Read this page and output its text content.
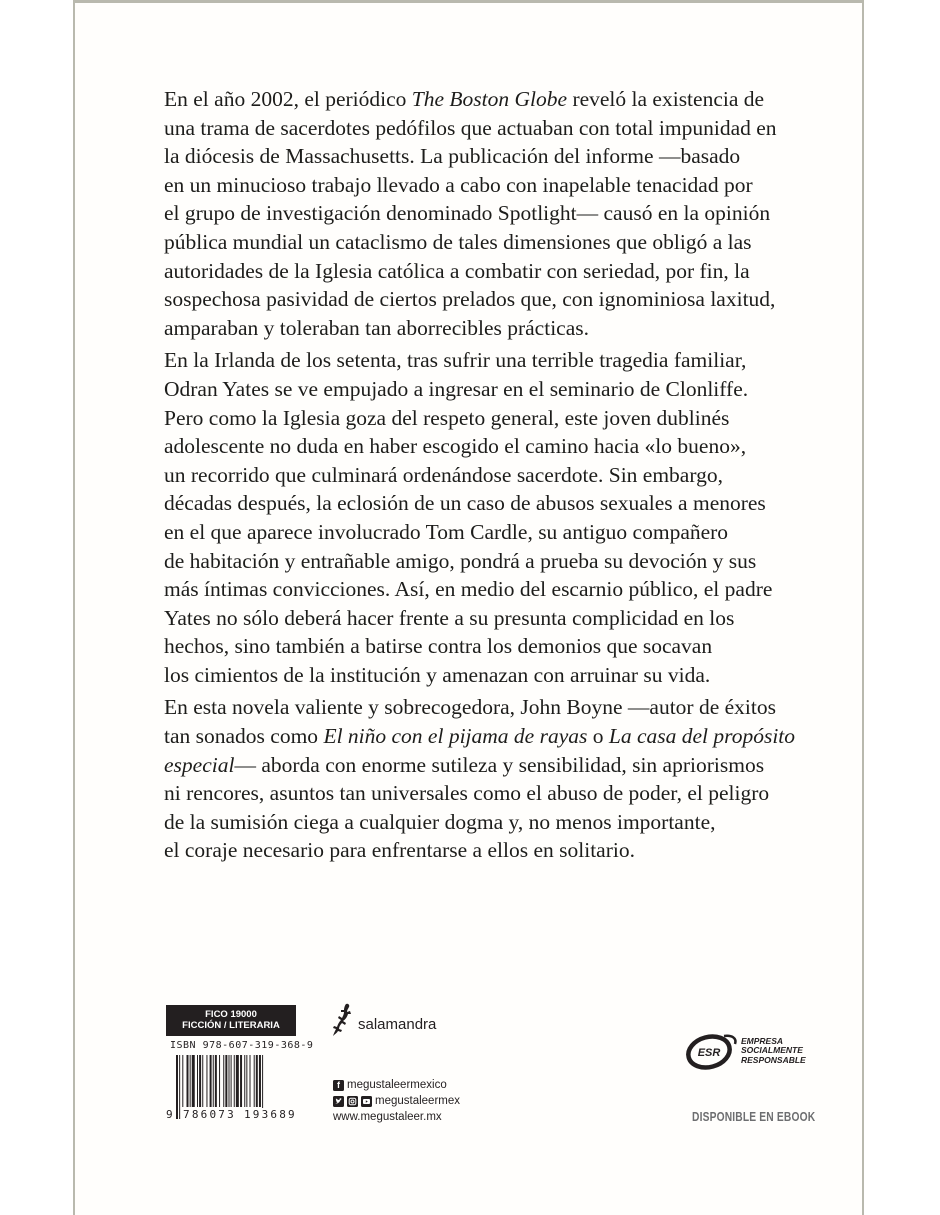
En el año 2002, el periódico The Boston Globe reveló la existencia de
una trama de sacerdotes pedófilos que actuaban con total impunidad en
la diócesis de Massachusetts. La publicación del informe —basado
en un minucioso trabajo llevado a cabo con inapelable tenacidad por
el grupo de investigación denominado Spotlight— causó en la opinión
pública mundial un cataclismo de tales dimensiones que obligó a las
autoridades de la Iglesia católica a combatir con seriedad, por fin, la
sospechosa pasividad de ciertos prelados que, con ignominiosa laxitud,
amparaban y toleraban tan aborrecibles prácticas.

En la Irlanda de los setenta, tras sufrir una terrible tragedia familiar,
Odran Yates se ve empujado a ingresar en el seminario de Clonliffe.
Pero como la Iglesia goza del respeto general, este joven dublinés
adolescente no duda en haber escogido el camino hacia «lo bueno»,
un recorrido que culminará ordenándose sacerdote. Sin embargo,
décadas después, la eclosión de un caso de abusos sexuales a menores
en el que aparece involucrado Tom Cardle, su antiguo compañero
de habitación y entrañable amigo, pondrá a prueba su devoción y sus
más íntimas convicciones. Así, en medio del escarnio público, el padre
Yates no sólo deberá hacer frente a su presunta complicidad en los
hechos, sino también a batirse contra los demonios que socavan
los cimientos de la institución y amenazan con arruinar su vida.

En esta novela valiente y sobrecogedora, John Boyne —autor de éxitos
tan sonados como El niño con el pijama de rayas o La casa del propósito
especial— aborda con enorme sutileza y sensibilidad, sin apriorismos
ni rencores, asuntos tan universales como el abuso de poder, el peligro
de la sumisión ciega a cualquier dogma y, no menos importante,
el coraje necesario para enfrentarse a ellos en solitario.

FICO 19000
FICCIÓN / LITERARIA
ISBN 978-607-319-368-9
9 786073 193689
salamandra
f megustaleermexico
megustaleermex
www.megustaleer.mx
ESR
EMPRESA
SOCIALMENTE
RESPONSABLE
DISPONIBLE EN EBOOK
